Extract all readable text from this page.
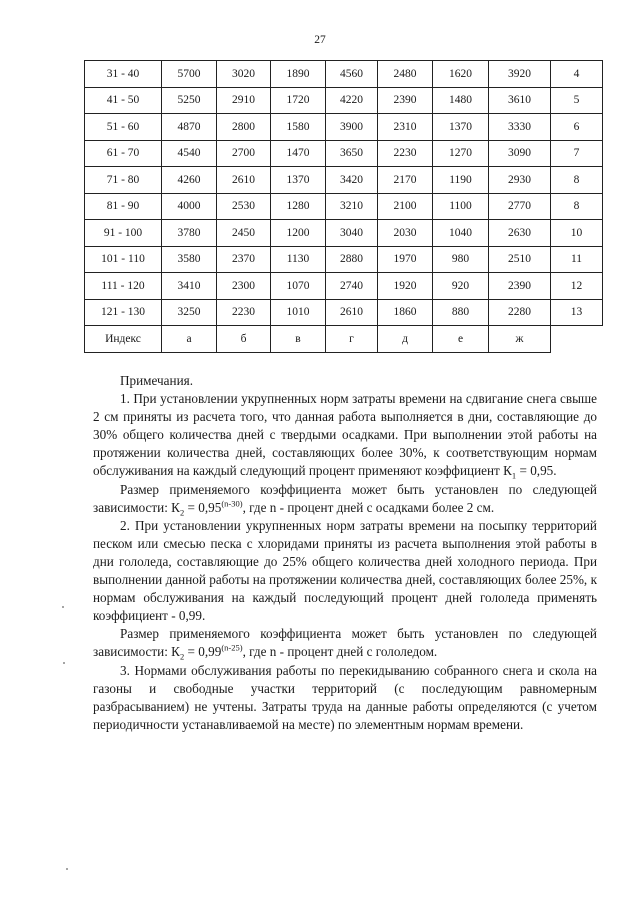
27
31 - 40	5700	3020	1890	4560	2480	1620	3920	4
41 - 50	5250	2910	1720	4220	2390	1480	3610	5
51 - 60	4870	2800	1580	3900	2310	1370	3330	6
61 - 70	4540	2700	1470	3650	2230	1270	3090	7
71 - 80	4260	2610	1370	3420	2170	1190	2930	8
81 - 90	4000	2530	1280	3210	2100	1100	2770	8
91 - 100	3780	2450	1200	3040	2030	1040	2630	10
101 - 110	3580	2370	1130	2880	1970	980	2510	11
111 - 120	3410	2300	1070	2740	1920	920	2390	12
121 - 130	3250	2230	1010	2610	1860	880	2280	13
Индекс	а	б	в	г	д	е	ж	

Примечания.

1. При установлении укрупненных норм затраты времени на сдвигание снега свыше 2 см приняты из расчета того, что данная работа выполняется в дни, составляющие до 30% общего количества дней с твердыми осадками. При выполнении этой работы на протяжении количества дней, составляющих более 30%, к соответствующим нормам обслуживания на каждый следующий процент применяют коэффициент $К_1 = 0,95$.

Размер применяемого коэффициента может быть установлен по следующей зависимости: $К_2 = 0,95^{(n-30)}$, где n - процент дней с осадками более 2 см.

2. При установлении укрупненных норм затраты времени на посыпку территорий песком или смесью песка с хлоридами приняты из расчета выполнения этой работы в дни гололеда, составляющие до 25% общего количества дней холодного периода. При выполнении данной работы на протяжении количества дней, составляющих более 25%, к нормам обслуживания на каждый последующий процент дней гололеда применять коэффициент - 0,99.

Размер применяемого коэффициента может быть установлен по следующей зависимости: $К_2 = 0,99^{(n-25)}$, где n - процент дней с гололедом.

3. Нормами обслуживания работы по перекидыванию собранного снега и скола на газоны и свободные участки территорий (с последующим равномерным разбрасыванием) не учтены. Затраты труда на данные работы определяются (с учетом периодичности устанавливаемой на месте) по элементным нормам времени.
